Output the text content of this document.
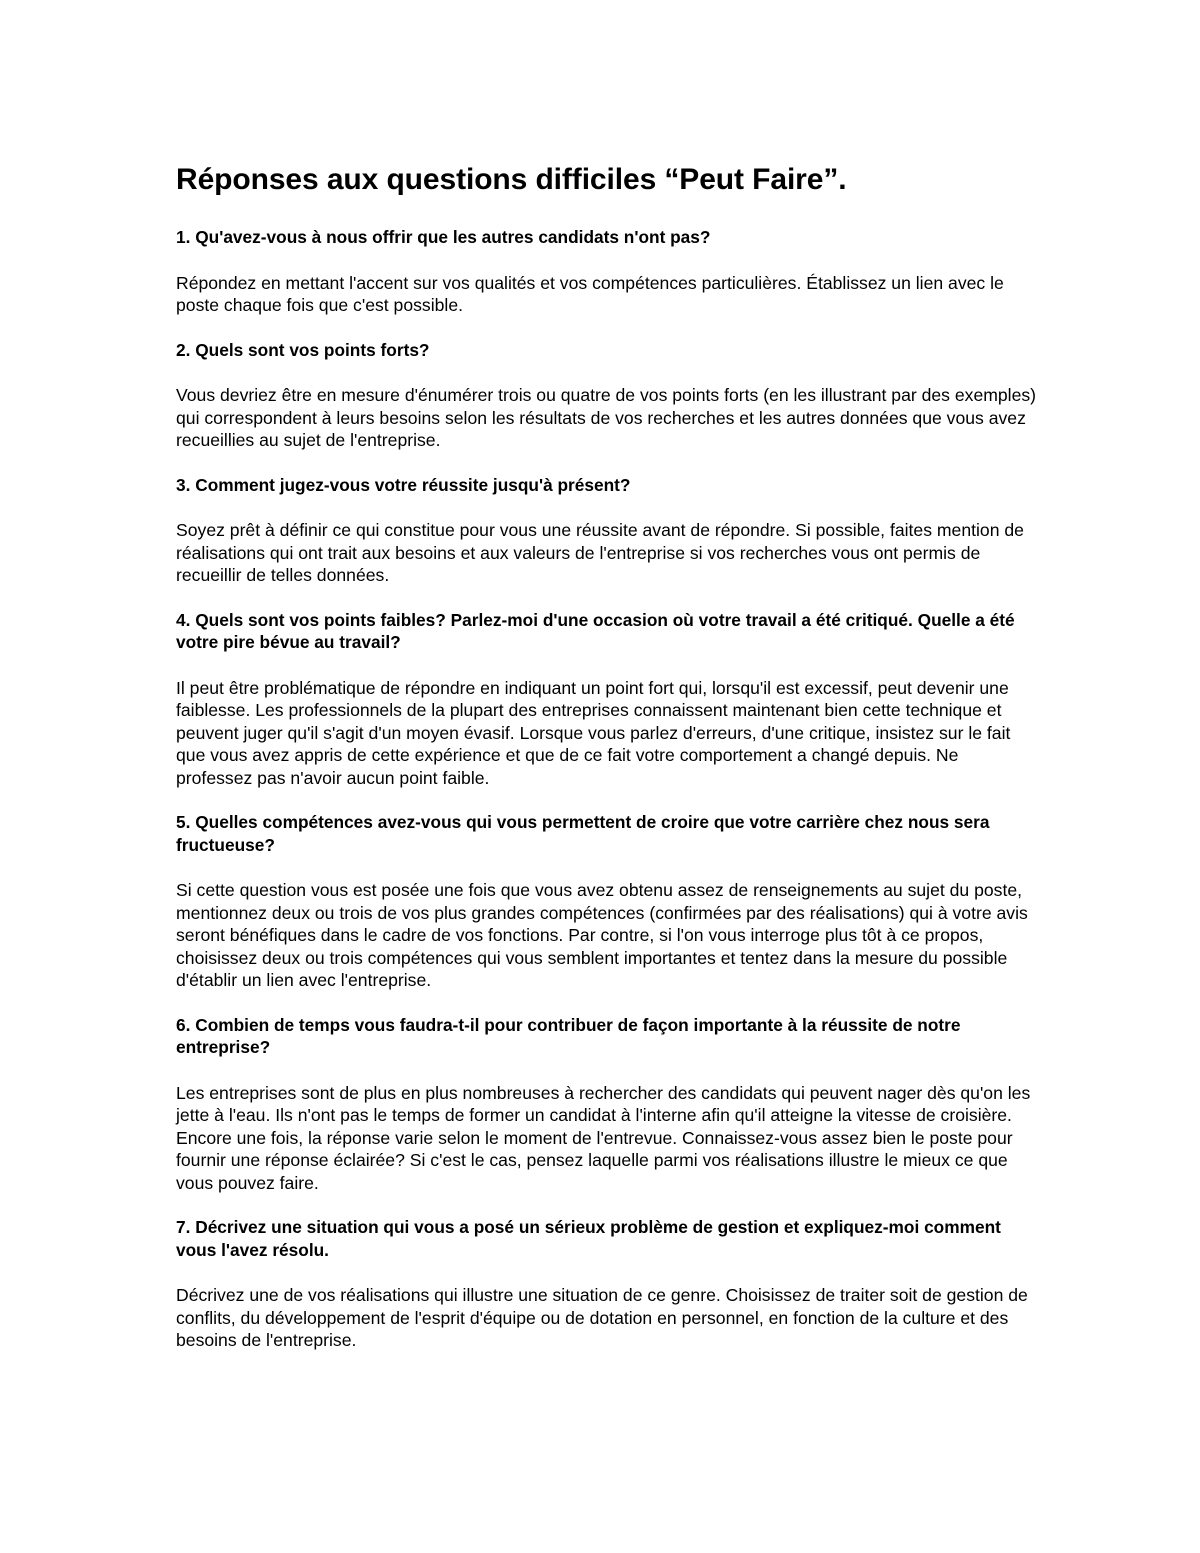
Réponses aux questions difficiles “Peut Faire”.

1. Qu'avez-vous à nous offrir que les autres candidats n'ont pas?

Répondez en mettant l'accent sur vos qualités et vos compétences particulières. Établissez un lien avec le poste chaque fois que c'est possible.

2. Quels sont vos points forts?

Vous devriez être en mesure d'énumérer trois ou quatre de vos points forts (en les illustrant par des exemples) qui correspondent à leurs besoins selon les résultats de vos recherches et les autres données que vous avez recueillies au sujet de l'entreprise.

3. Comment jugez-vous votre réussite jusqu'à présent?

Soyez prêt à définir ce qui constitue pour vous une réussite avant de répondre. Si possible, faites mention de réalisations qui ont trait aux besoins et aux valeurs de l'entreprise si vos recherches vous ont permis de recueillir de telles données.

4. Quels sont vos points faibles? Parlez-moi d'une occasion où votre travail a été critiqué. Quelle a été votre pire bévue au travail?

Il peut être problématique de répondre en indiquant un point fort qui, lorsqu'il est excessif, peut devenir une faiblesse. Les professionnels de la plupart des entreprises connaissent maintenant bien cette technique et peuvent juger qu'il s'agit d'un moyen évasif. Lorsque vous parlez d'erreurs, d'une critique, insistez sur le fait que vous avez appris de cette expérience et que de ce fait votre comportement a changé depuis. Ne professez pas n'avoir aucun point faible.

5. Quelles compétences avez-vous qui vous permettent de croire que votre carrière chez nous sera fructueuse?

Si cette question vous est posée une fois que vous avez obtenu assez de renseignements au sujet du poste, mentionnez deux ou trois de vos plus grandes compétences (confirmées par des réalisations) qui à votre avis seront bénéfiques dans le cadre de vos fonctions. Par contre, si l'on vous interroge plus tôt à ce propos, choisissez deux ou trois compétences qui vous semblent importantes et tentez dans la mesure du possible d'établir un lien avec l'entreprise.

6. Combien de temps vous faudra-t-il pour contribuer de façon importante à la réussite de notre entreprise?

Les entreprises sont de plus en plus nombreuses à rechercher des candidats qui peuvent nager dès qu'on les jette à l'eau. Ils n'ont pas le temps de former un candidat à l'interne afin qu'il atteigne la vitesse de croisière. Encore une fois, la réponse varie selon le moment de l'entrevue. Connaissez-vous assez bien le poste pour fournir une réponse éclairée? Si c'est le cas, pensez laquelle parmi vos réalisations illustre le mieux ce que vous pouvez faire.

7. Décrivez une situation qui vous a posé un sérieux problème de gestion et expliquez-moi comment vous l'avez résolu.

Décrivez une de vos réalisations qui illustre une situation de ce genre. Choisissez de traiter soit de gestion de conflits, du développement de l'esprit d'équipe ou de dotation en personnel, en fonction de la culture et des besoins de l'entreprise.
